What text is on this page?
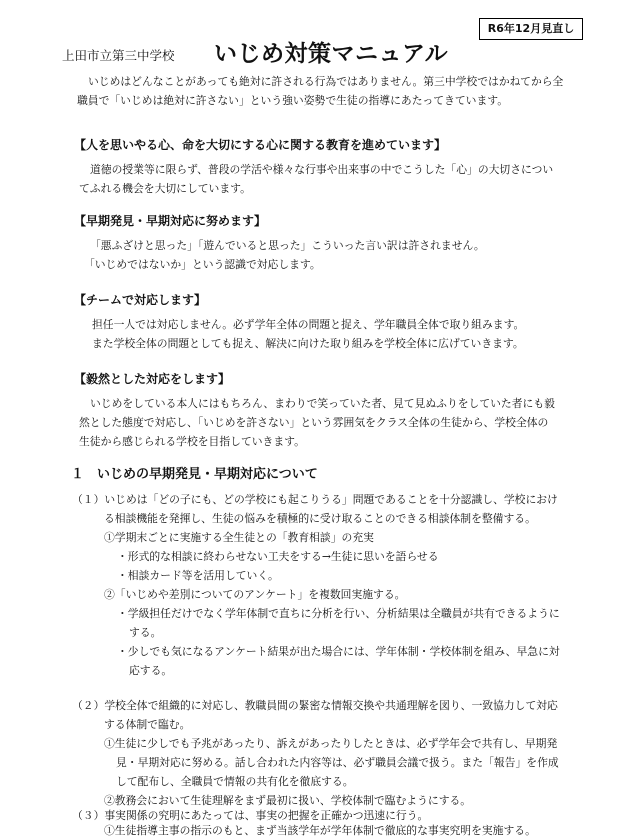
R6年12月見直し
上田市立第三中学校 いじめ対策マニュアル
いじめはどんなことがあっても絶対に許される行為ではありません。第三中学校ではかねてから全
職員で「いじめは絶対に許さない」という強い姿勢で生徒の指導にあたってきています。
【人を思いやる心、命を大切にする心に関する教育を進めています】
道徳の授業等に限らず、普段の学活や様々な行事や出来事の中でこうした「心」の大切さについ
てふれる機会を大切にしています。
【早期発見・早期対応に努めます】
「悪ふざけと思った」「遊んでいると思った」こういった言い訳は許されません。
「いじめではないか」という認識で対応します。
【チームで対応します】
担任一人では対応しません。必ず学年全体の問題と捉え、学年職員全体で取り組みます。
また学校全体の問題としても捉え、解決に向けた取り組みを学校全体に広げていきます。
【毅然とした対応をします】
いじめをしている本人にはもちろん、まわりで笑っていた者、見て見ぬふりをしていた者にも毅
然とした態度で対応し、「いじめを許さない」という雰囲気をクラス全体の生徒から、学校全体の
生徒から感じられる学校を目指していきます。
１　いじめの早期発見・早期対応について
（１）いじめは「どの子にも、どの学校にも起こりうる」問題であることを十分認識し、学校におけ
る相談機能を発揮し、生徒の悩みを積極的に受け取ることのできる相談体制を整備する。
①学期末ごとに実施する全生徒との「教育相談」の充実
・形式的な相談に終わらせない工夫をする→生徒に思いを語らせる
・相談カード等を活用していく。
②「いじめや差別についてのアンケート」を複数回実施する。
・学級担任だけでなく学年体制で直ちに分析を行い、分析結果は全職員が共有できるように
する。
・少しでも気になるアンケート結果が出た場合には、学年体制・学校体制を組み、早急に対
応する。
（２）学校全体で組織的に対応し、教職員間の緊密な情報交換や共通理解を図り、一致協力して対応
する体制で臨む。
①生徒に少しでも予兆があったり、訴えがあったりしたときは、必ず学年会で共有し、早期発
見・早期対応に努める。話し合われた内容等は、必ず職員会議で扱う。また「報告」を作成
して配布し、全職員で情報の共有化を徹底する。
②教務会において生徒理解をまず最初に扱い、学校体制で臨むようにする。
（３）事実関係の究明にあたっては、事実の把握を正確かつ迅速に行う。
①生徒指導主事の指示のもと、まず当該学年が学年体制で徹底的な事実究明を実施する。
